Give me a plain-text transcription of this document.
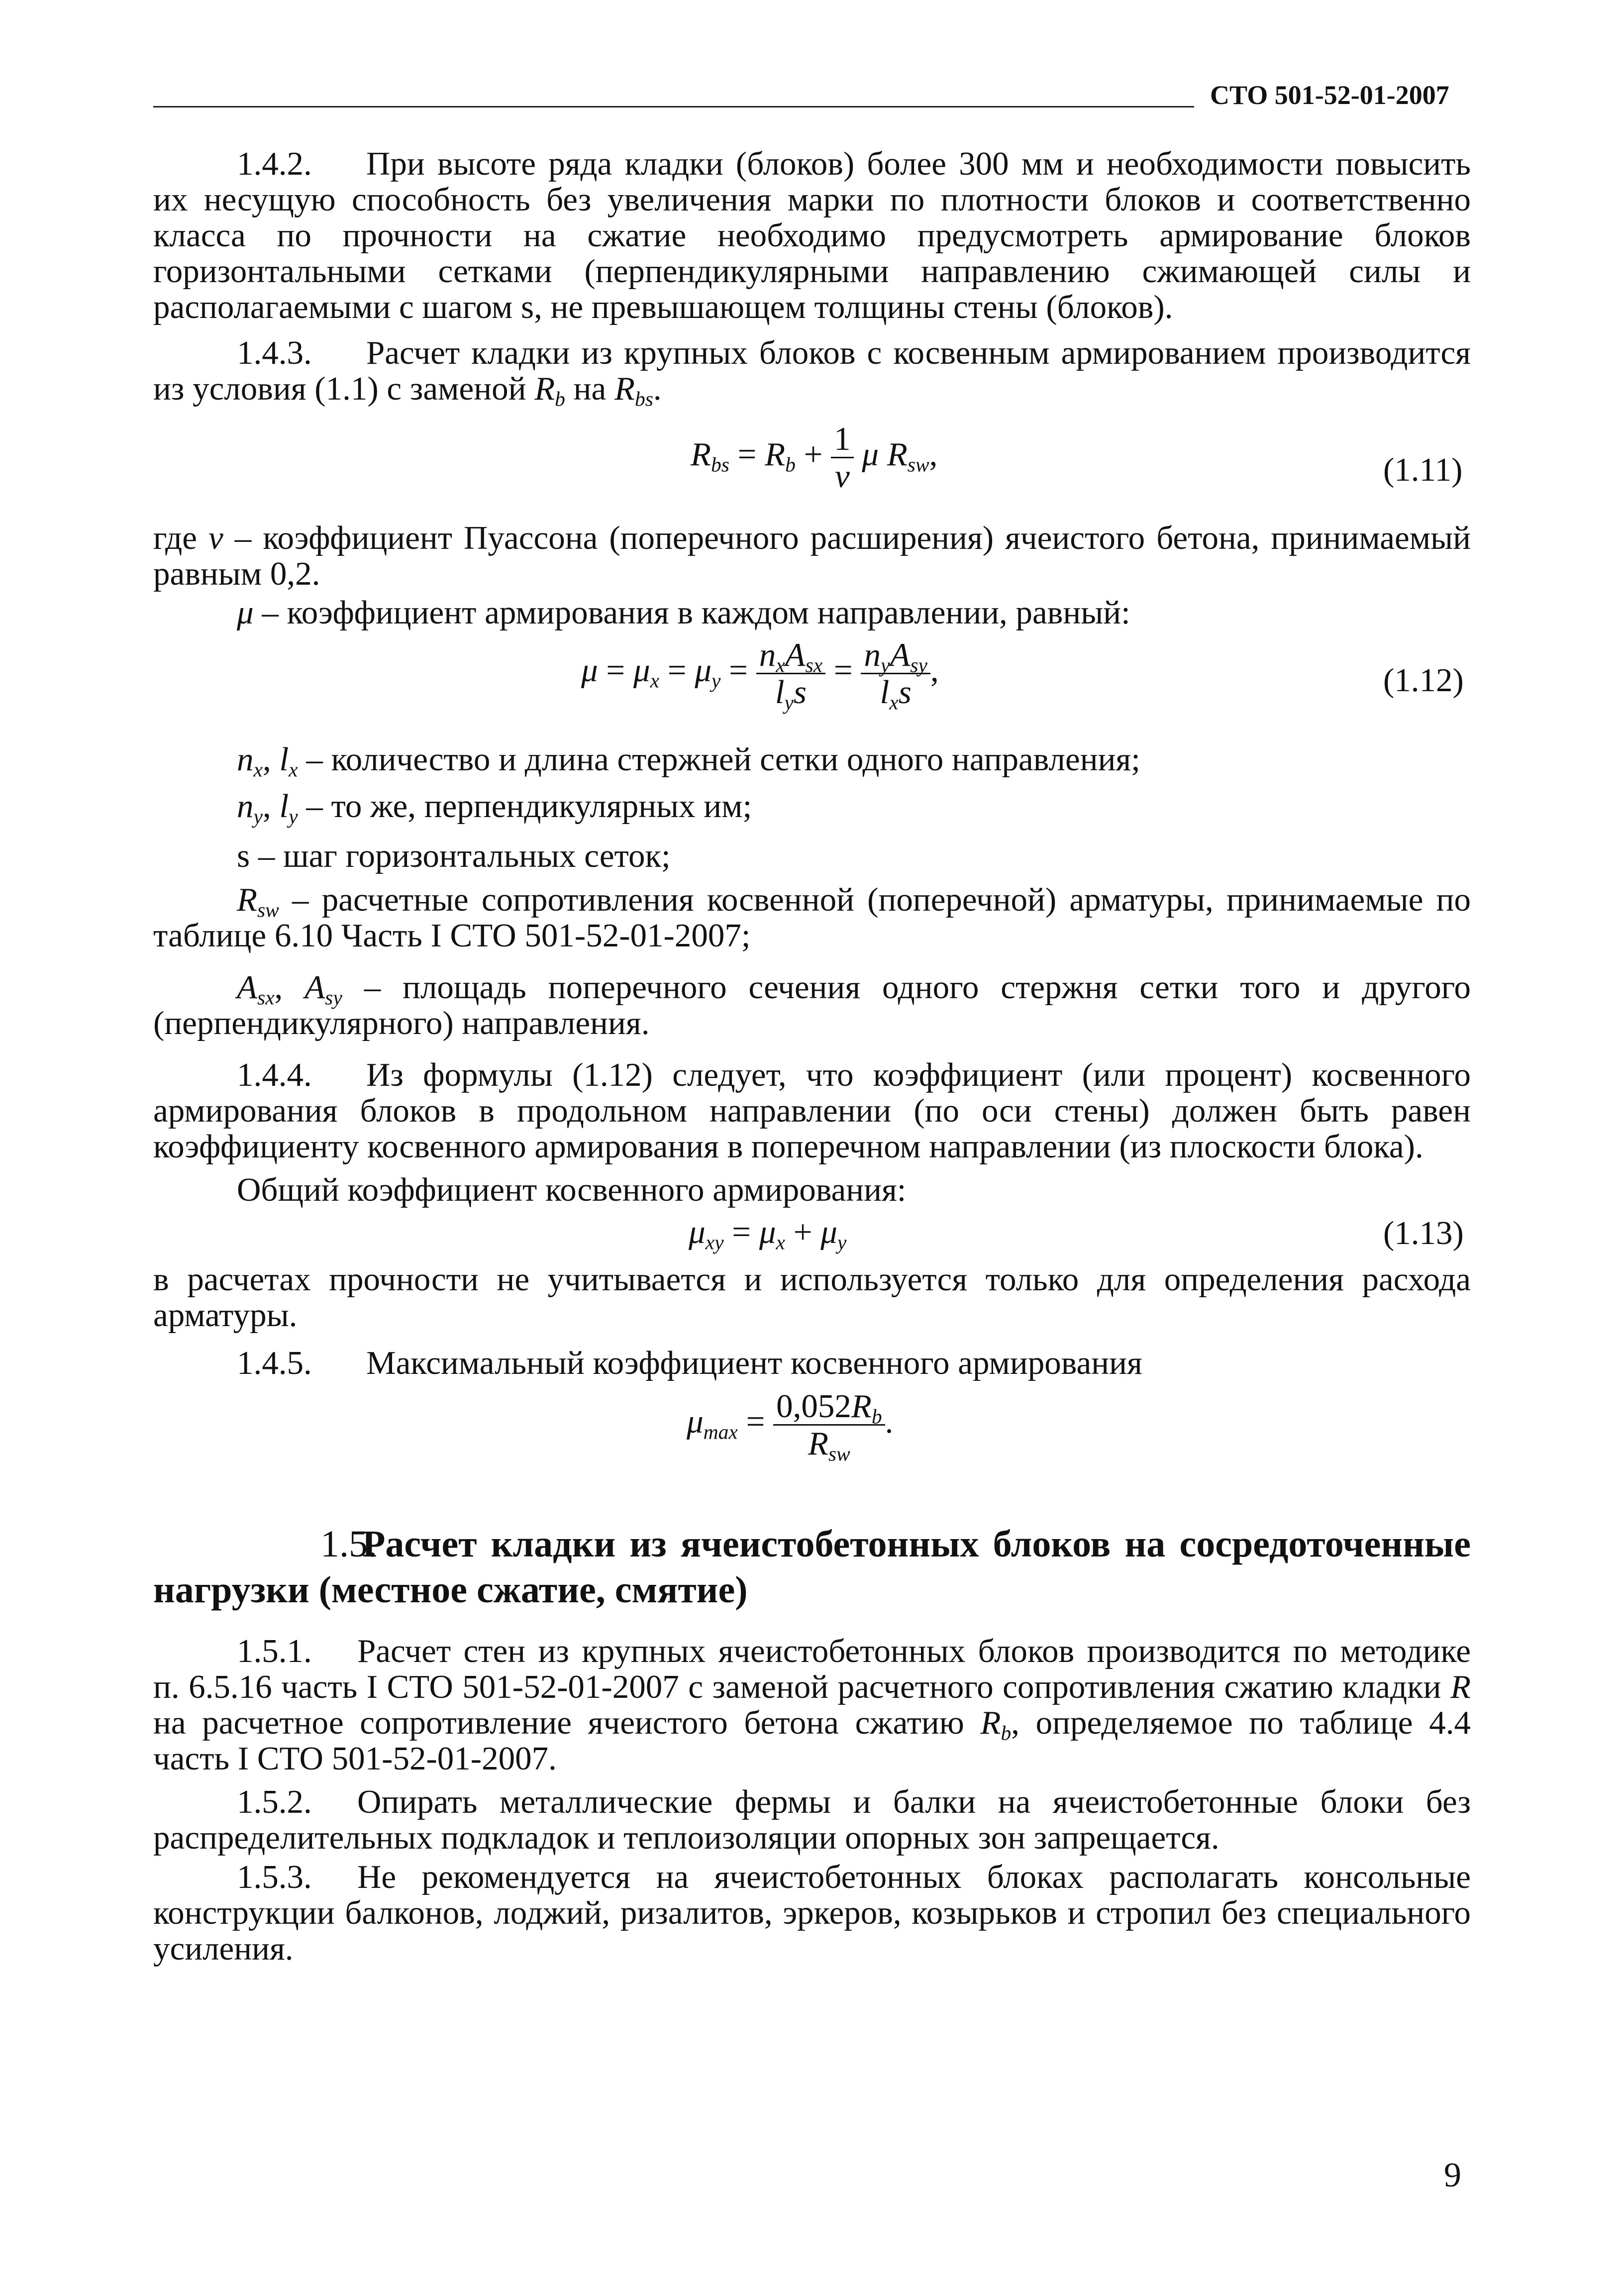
СТО 501-52-01-2007
1.4.2. При высоте ряда кладки (блоков) более 300 мм и необходимости повысить их несущую способность без увеличения марки по плотности блоков и соответственно класса по прочности на сжатие необходимо предусмотреть армирование блоков горизонтальными сетками (перпендикулярными направлению сжимающей силы и располагаемыми с шагом s, не превышающем толщины стены (блоков).
1.4.3. Расчет кладки из крупных блоков с косвенным армированием производится из условия (1.1) с заменой $R_b$ на $R_{bs}$.
$R_{bs} = R_b + \frac{1}{\nu}$ μ $R_{sw}$,	(1.11)
где ν – коэффициент Пуассона (поперечного расширения) ячеистого бетона, принимаемый равным 0,2.
μ – коэффициент армирования в каждом направлении, равный:
$\mu = \mu_x = \mu_y = \frac{n_xA_{sx}}{l_ys} = \frac{n_yA_{sy}}{l_xs}$ ,	(1.12)
$n_x$, $l_x$ – количество и длина стержней сетки одного направления;
$n_y$, $l_y$ – то же, перпендикулярных им;
s – шаг горизонтальных сеток;
$R_{sw}$ – расчетные сопротивления косвенной (поперечной) арматуры, принимаемые по таблице 6.10 Часть I СТО 501-52-01-2007;
$A_{sx}$, $A_{sy}$ – площадь поперечного сечения одного стержня сетки того и другого (перпендикулярного) направления.
1.4.4. Из формулы (1.12) следует, что коэффициент (или процент) косвенного армирования блоков в продольном направлении (по оси стены) должен быть равен коэффициенту косвенного армирования в поперечном направлении (из плоскости блока).
Общий коэффициент косвенного армирования:
$\mu_{xy} = \mu_x + \mu_y$	(1.13)
в расчетах прочности не учитывается и используется только для определения расхода арматуры.
1.4.5. Максимальный коэффициент косвенного армирования
$\mu_{max} = \frac{0,052R_b}{R_{sw}}$ .
1.5.Расчет кладки из ячеистобетонных блоков на сосредоточенные нагрузки (местное сжатие, смятие)
1.5.1. Расчет стен из крупных ячеистобетонных блоков производится по методике п. 6.5.16 часть I СТО 501-52-01-2007 с заменой расчетного сопротивления сжатию кладки R на расчетное сопротивление ячеистого бетона сжатию $R_b$, определяемое по таблице 4.4 часть I СТО 501-52-01-2007.
1.5.2. Опирать металлические фермы и балки на ячеистобетонные блоки без распределительных подкладок и теплоизоляции опорных зон запрещается.
1.5.3. Не рекомендуется на ячеистобетонных блоках располагать консольные конструкции балконов, лоджий, ризалитов, эркеров, козырьков и стропил без специального усиления.
9
